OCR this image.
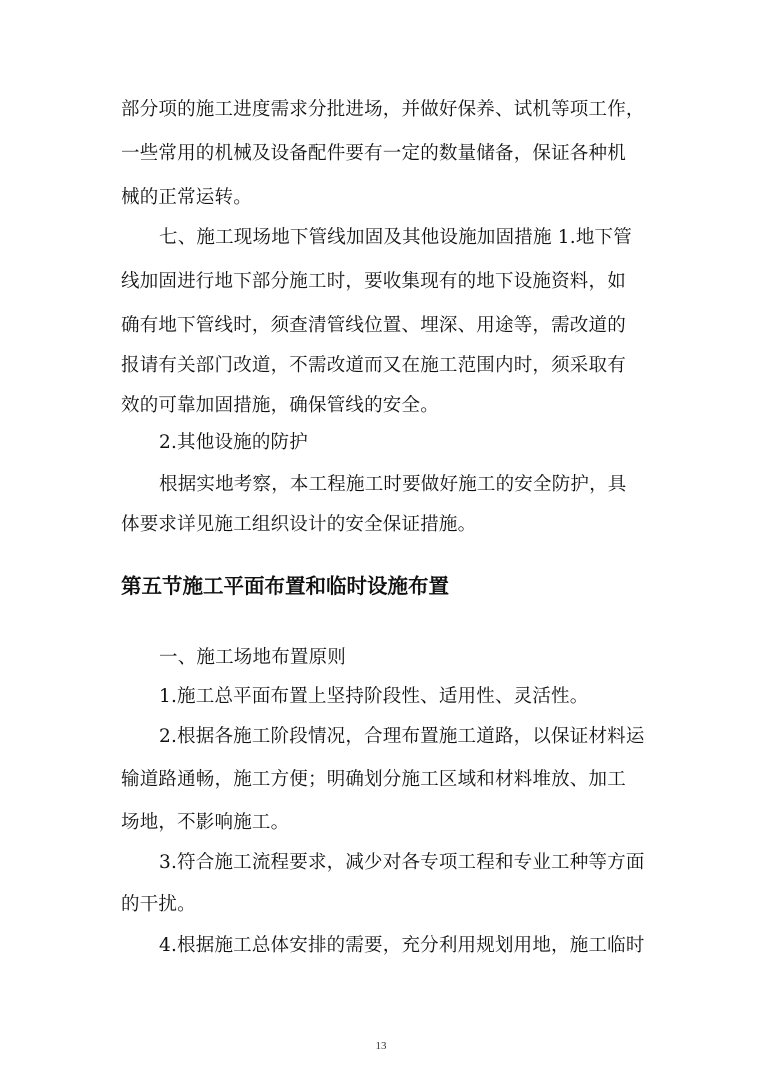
部分项的施工进度需求分批进场，并做好保养、试机等项工作，
一些常用的机械及设备配件要有一定的数量储备，保证各种机
械的正常运转。
七、施工现场地下管线加固及其他设施加固措施 1.地下管
线加固进行地下部分施工时，要收集现有的地下设施资料，如
确有地下管线时，须查清管线位置、埋深、用途等，需改道的
报请有关部门改道，不需改道而又在施工范围内时，须采取有
效的可靠加固措施，确保管线的安全。
2.其他设施的防护
根据实地考察，本工程施工时要做好施工的安全防护，具
体要求详见施工组织设计的安全保证措施。
第五节施工平面布置和临时设施布置
一、施工场地布置原则
1.施工总平面布置上坚持阶段性、适用性、灵活性。
2.根据各施工阶段情况，合理布置施工道路，以保证材料运
输道路通畅，施工方便；明确划分施工区域和材料堆放、加工
场地，不影响施工。
3.符合施工流程要求，减少对各专项工程和专业工种等方面
的干扰。
4.根据施工总体安排的需要，充分利用规划用地，施工临时
13
